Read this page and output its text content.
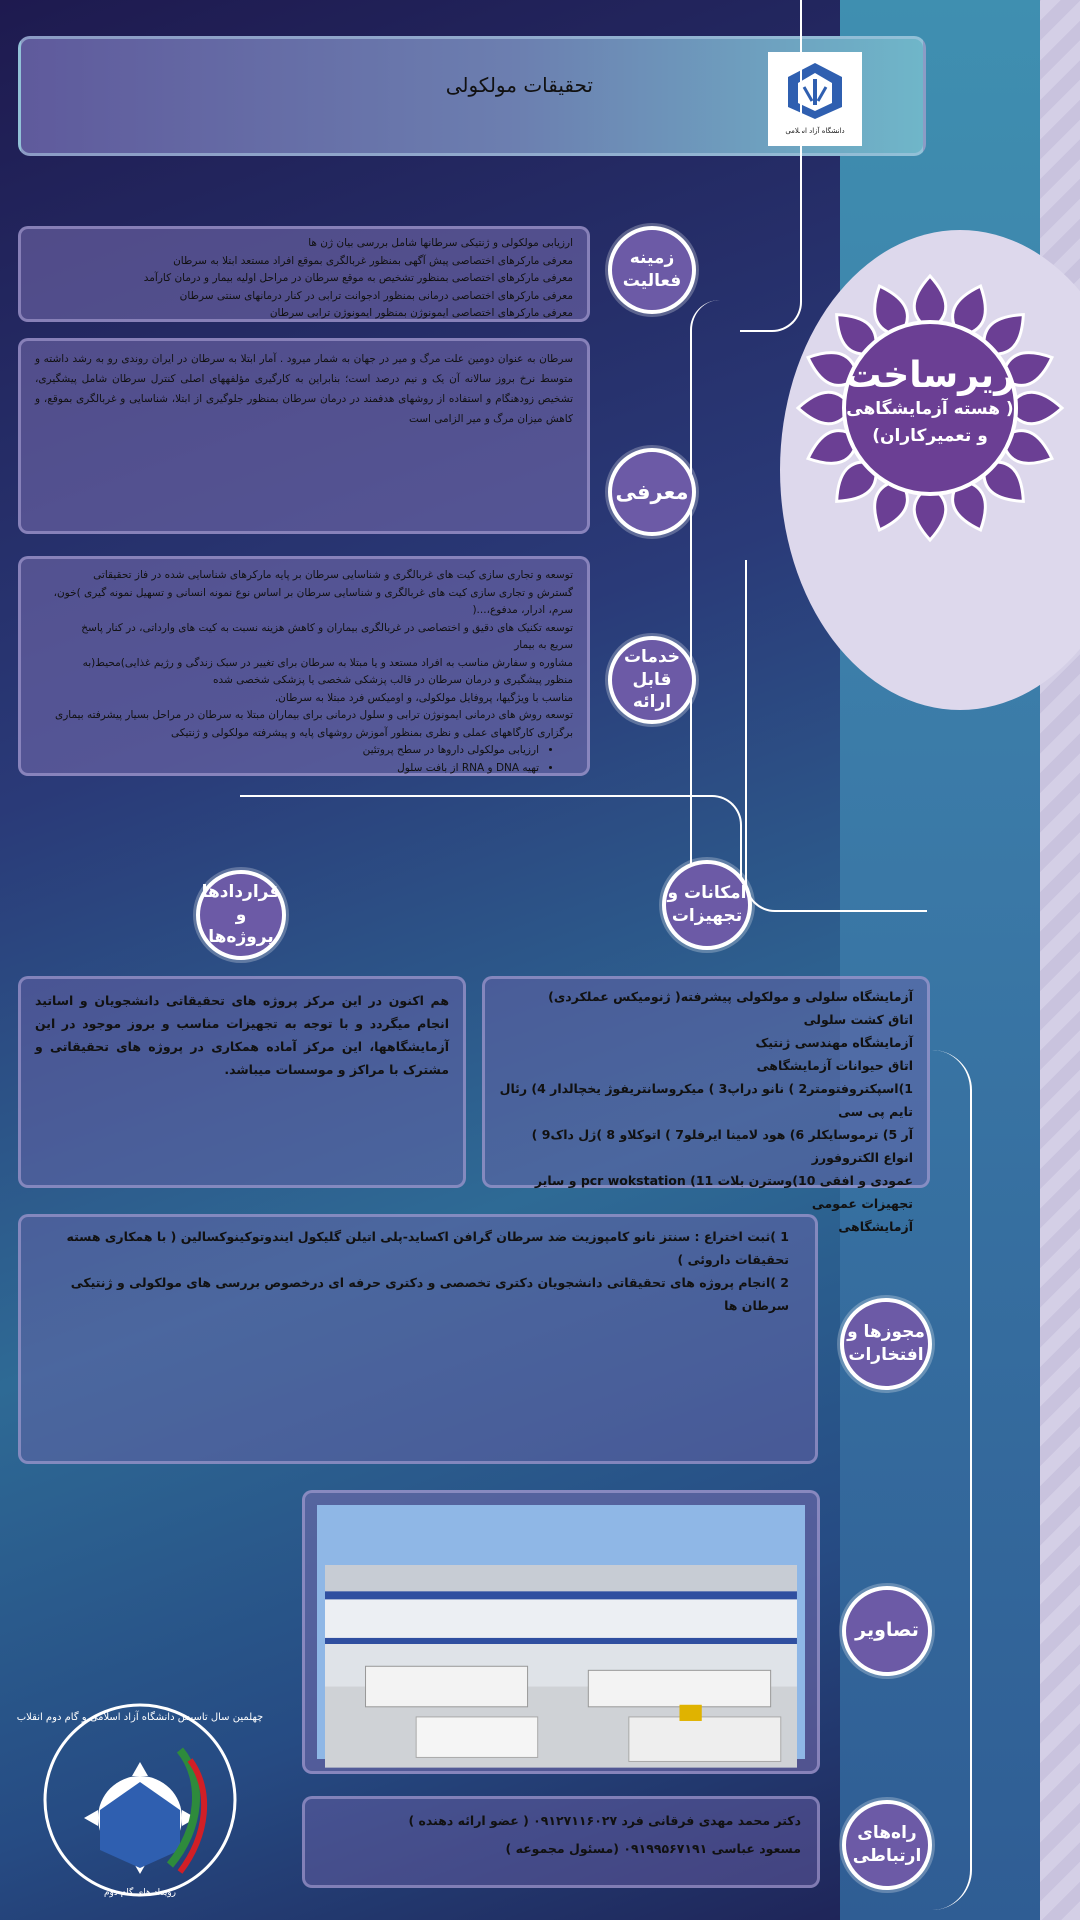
تحقیقات مولکولی
دانشگاه آزاد اسلامی
زیرساخت
( هسته آزمایشگاهی
و تعمیرکاران)
ارزیابی مولکولی و ژنتیکی سرطانها شامل بررسی بیان ژن ها
معرفی مارکرهای اختصاصی پیش آگهی بمنظور غربالگری بموقع افراد مستعد ابتلا به سرطان
معرفی مارکرهای اختصاصی بمنظور تشخیص به موقع سرطان در مراحل اولیه بیمار و درمان کارآمد
معرفی مارکرهای اختصاصی درمانی بمنظور ادجوانت ترابی در کنار درمانهای سنتی سرطان
معرفی مارکرهای اختصاصی ایمونوژن بمنظور ایمونوژن ترابی سرطان
زمینه
فعالیت
سرطان به عنوان دومین علت مرگ و میر در جهان به شمار میرود . آمار ابتلا به سرطان در ایران روندی رو به رشد داشته و متوسط نرخ بروز سالانه آن یک و نیم درصد است؛ بنابراین به کارگیری مؤلفههای اصلی کنترل سرطان شامل پیشگیری، تشخیص زودهنگام و استفاده از روشهای هدفمند در درمان سرطان بمنظور جلوگیری از ابتلا، شناسایی و غربالگری بموقع، و کاهش میزان مرگ و میر الزامی است
معرفی
توسعه و تجاری سازی کیت های غربالگری و شناسایی سرطان بر پایه مارکرهای شناسایی شده در فاز تحقیقاتی
گسترش و تجاری سازی کیت های غربالگری و شناسایی سرطان بر اساس نوع نمونه انسانی و تسهیل نمونه گیری )خون،
سرم، ادرار، مدفوع،...(
توسعه تکنیک های دقیق و اختصاصی در غربالگری بیماران و کاهش هزینه نسبت به کیت های وارداتی، در کنار پاسخ
سریع به بیمار
مشاوره و سفارش مناسب به افراد مستعد و یا مبتلا به سرطان برای تغییر در سبک زندگی و رژیم غذایی)محیط(به
منظور پیشگیری و درمان سرطان در قالب پزشکی شخصی یا پزشکی شخصی شده
مناسب با ویژگیها، پروفایل مولکولی، و اومیکس فرد مبتلا به سرطان.
توسعه روش های درمانی ایمونوژن ترابی و سلول درمانی برای بیماران مبتلا به سرطان در مراحل بسیار پیشرفته بیماری
برگزاری کارگاههای عملی و نظری بمنظور آموزش روشهای پایه و پیشرفته مولکولی و ژنتیکی
• ارزیابی مولکولی داروها در سطح پروتئین
• تهیه DNA و RNA از بافت سلول
خدمات
قابل ارائه
قراردادها و
پروژه‌ها
امکانات و
تجهیزات
هم اکنون در این مرکز پروژه های تحقیقاتی دانشجویان و اساتید انجام میگردد و با توجه به تجهیزات مناسب و بروز موجود در این آزمایشگاهها، این مرکز آماده همکاری در پروژه های تحقیقاتی و مشترک با مراکز و موسسات میباشد.
آزمایشگاه سلولی و مولکولی پیشرفته( ژنومیکس عملکردی)
اتاق کشت سلولی
آزمایشگاه مهندسی ژنتیک
اتاق حیوانات آزمایشگاهی
1)اسپکتروفتومتر2 ) نانو دراپ3 ) میکروسانتریفوژ یخچالدار 4) رئال تایم پی سی
آر 5) ترموسایکلر 6) هود لامینا ایرفلو7 ) اتوکلاو 8 )ژل داک9 ) انواع الکتروفورز
عمودی و افقی 10)وسترن بلات 11) pcr wokstation و سایر تجهیزات عمومی
آزمایشگاهی
1 )ثبت اختراع : سنتز نانو کامپوزیت ضد سرطان گرافن اکساید-پلی اتیلن گلیکول ایندوتوکینوکسالین ( با همکاری هسته تحقیقات داروئی )
2 )انجام پروژه های تحقیقاتی دانشجویان دکتری تخصصی و دکتری حرفه ای درخصوص بررسی های مولکولی و ژنتیکی سرطان ها
مجوزها و
افتخارات
تصاویر
دکتر محمد مهدی فرقانی فرد ۰۹۱۲۷۱۱۶۰۲۷ ( عضو ارائه دهنده )
مسعود عباسی ۰۹۱۹۹۵۶۷۱۹۱ (مسئول مجموعه )
راه‌های
ارتباطی
چهلمین سال تاسیس دانشگاه آزاد اسلامی و گام دوم انقلاب
رویداد های گام دوم
